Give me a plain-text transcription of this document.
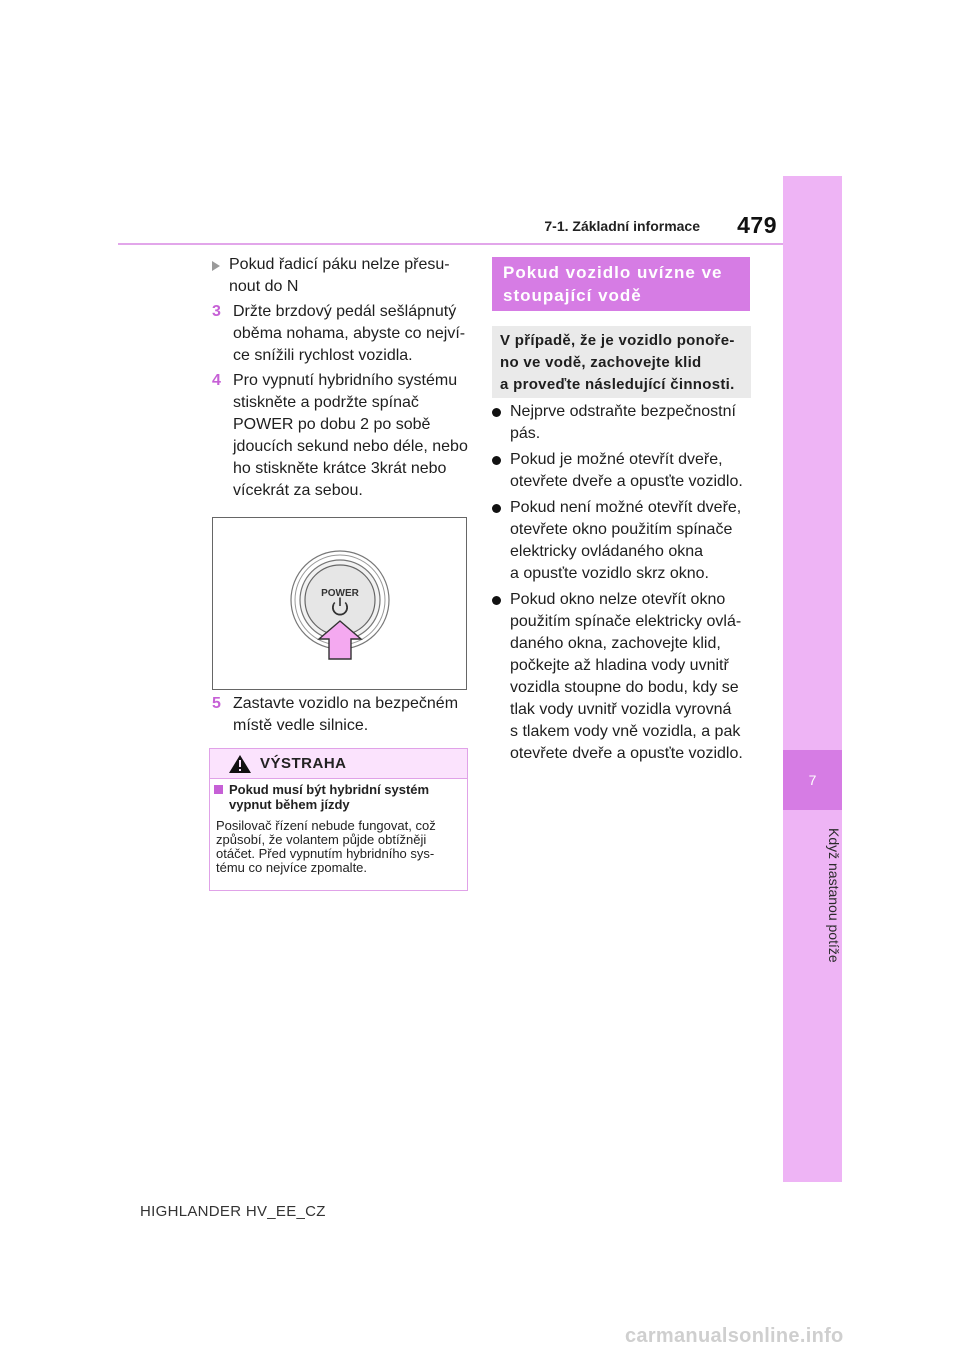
7
Když nastanou potíže
7-1. Základní informace	479
Pokud řadicí páku nelze přesu-
nout do N
3 Držte brzdový pedál sešlápnutý
oběma nohama, abyste co nejví-
ce snížili rychlost vozidla.
4 Pro vypnutí hybridního systému
stiskněte a podržte spínač
POWER po dobu 2 po sobě
jdoucích sekund nebo déle, nebo
ho stiskněte krátce 3krát nebo
vícekrát za sebou.
POWER
5 Zastavte vozidlo na bezpečném
místě vedle silnice.
VÝSTRAHA
Pokud musí být hybridní systém
vypnut během jízdy
Posilovač řízení nebude fungovat, což
způsobí, že volantem půjde obtížněji
otáčet. Před vypnutím hybridního sys-
tému co nejvíce zpomalte.
Pokud vozidlo uvízne ve
stoupající vodě
V případě, že je vozidlo ponoře-
no ve vodě, zachovejte klid
a proveďte následující činnosti.
Nejprve odstraňte bezpečnostní
pás.
Pokud je možné otevřít dveře,
otevřete dveře a opusťte vozidlo.
Pokud není možné otevřít dveře,
otevřete okno použitím spínače
elektricky ovládaného okna
a opusťte vozidlo skrz okno.
Pokud okno nelze otevřít okno
použitím spínače elektricky ovlá-
daného okna, zachovejte klid,
počkejte až hladina vody uvnitř
vozidla stoupne do bodu, kdy se
tlak vody uvnitř vozidla vyrovná
s tlakem vody vně vozidla, a pak
otevřete dveře a opusťte vozidlo.
HIGHLANDER HV_EE_CZ
carmanualsonline.info
